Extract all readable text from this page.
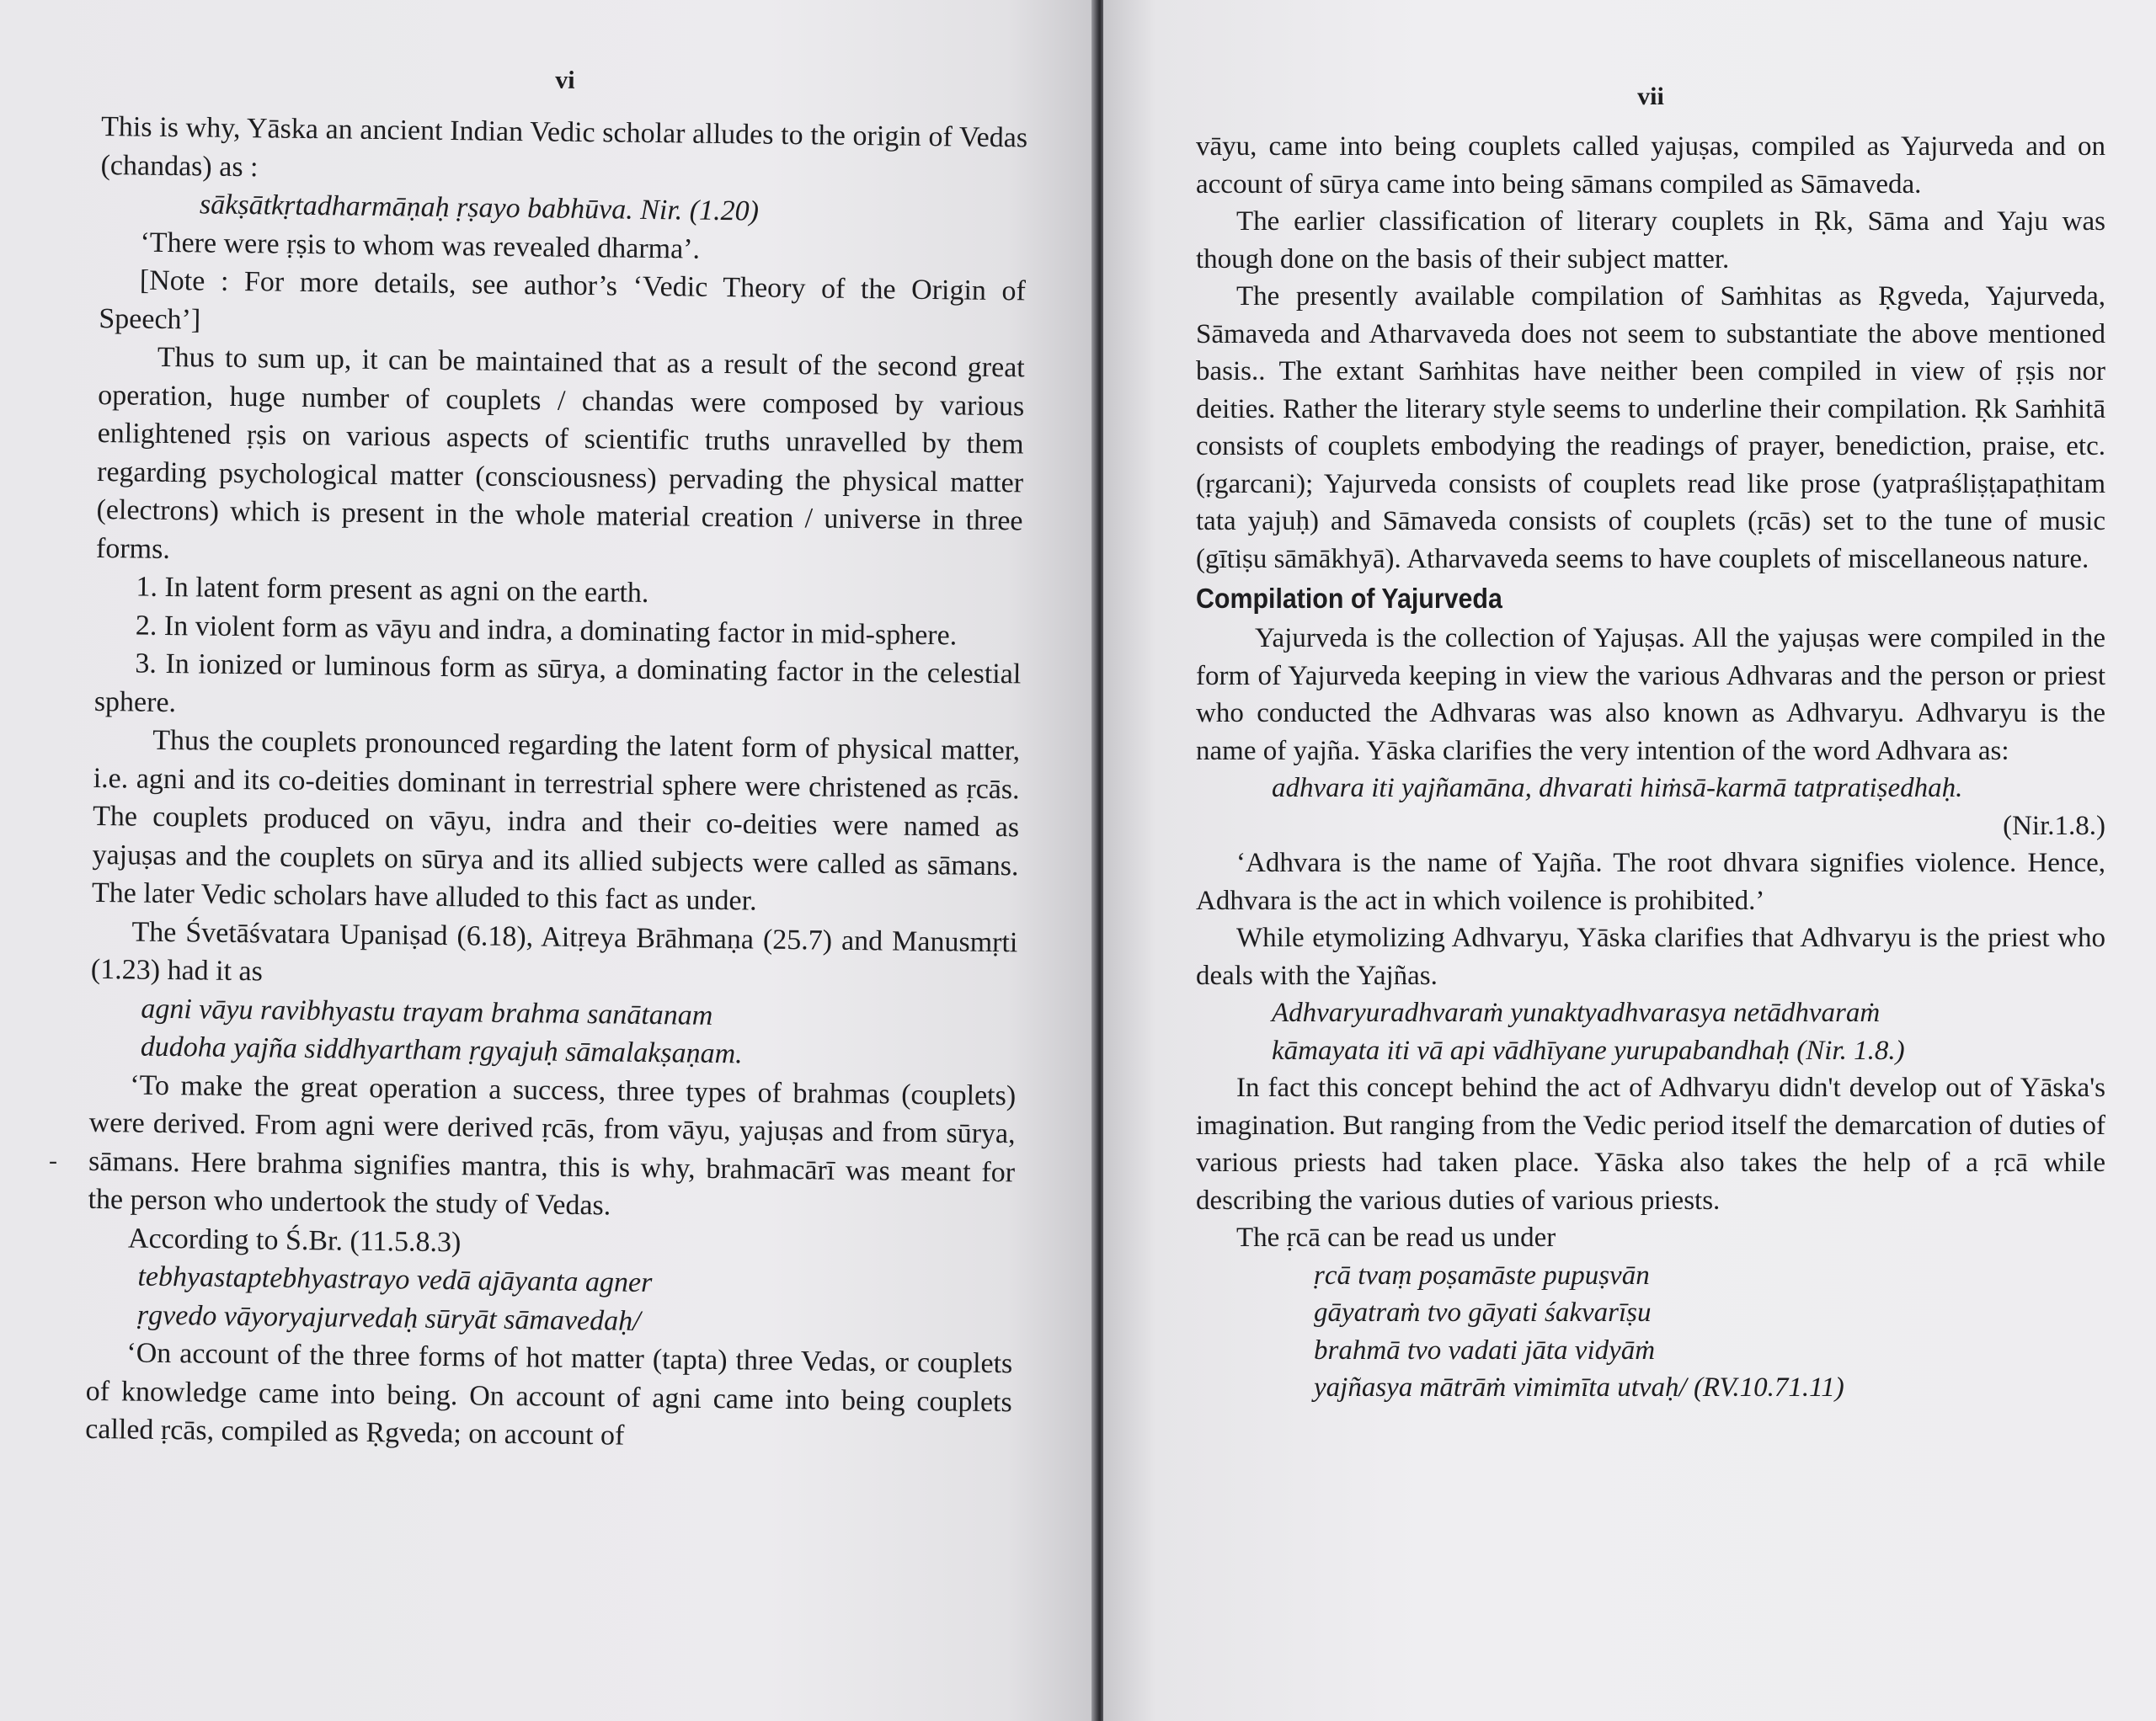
vi

This is why, Yāska an ancient Indian Vedic scholar alludes to the origin of Vedas (chandas) as :

sākṣātkṛtadharmāṇaḥ ṛṣayo babhūva. Nir. (1.20)

‘There were ṛṣis to whom was revealed dharma’.

[Note : For more details, see author’s ‘Vedic Theory of the Origin of Speech’]

Thus to sum up, it can be maintained that as a result of the second great operation, huge number of couplets / chandas were composed by various enlightened ṛṣis on various aspects of scientific truths unravelled by them regarding psychological matter (consciousness) pervading the physical matter (electrons) which is present in the whole material creation / universe in three forms.

1. In latent form present as agni on the earth.

2. In violent form as vāyu and indra, a dominating factor in mid-sphere.

3. In ionized or luminous form as sūrya, a dominating factor in the celestial sphere.

Thus the couplets pronounced regarding the latent form of physical matter, i.e. agni and its co-deities dominant in terrestrial sphere were christened as ṛcās. The couplets produced on vāyu, indra and their co-deities were named as yajuṣas and the couplets on sūrya and its allied subjects were called as sāmans. The later Vedic scholars have alluded to this fact as under.

The Śvetāśvatara Upaniṣad (6.18), Aitṛeya Brāhmaṇa (25.7) and Manusmṛti (1.23) had it as

agni vāyu ravibhyastu trayam brahma sanātanam

dudoha yajña siddhyartham ṛgyajuḥ sāmalakṣaṇam.

‘To make the great operation a success, three types of brahmas (couplets) were derived. From agni were derived ṛcās, from vāyu, yajuṣas and from sūrya, sāmans. Here brahma signifies mantra, this is why, brahmacārī was meant for the person who undertook the study of Vedas.

According to Ś.Br. (11.5.8.3)

tebhyastaptebhyastrayo vedā ajāyanta agner

ṛgvedo vāyoryajurvedaḥ sūryāt sāmavedaḥ/

‘On account of the three forms of hot matter (tapta) three Vedas, or couplets of knowledge came into being. On account of agni came into being couplets called ṛcās, compiled as Ṛgveda; on account of

-
vii

vāyu, came into being couplets called yajuṣas, compiled as Yajurveda and on account of sūrya came into being sāmans compiled as Sāmaveda.

The earlier classification of literary couplets in Ṛk, Sāma and Yaju was though done on the basis of their subject matter.

The presently available compilation of Saṁhitas as Ṛgveda, Yajurveda, Sāmaveda and Atharvaveda does not seem to substantiate the above mentioned basis.. The extant Saṁhitas have neither been compiled in view of ṛṣis nor deities. Rather the literary style seems to underline their compilation. Ṛk Saṁhitā consists of couplets embodying the readings of prayer, benediction, praise, etc. (ṛgarcani); Yajurveda consists of couplets read like prose (yatpraśliṣṭapaṭhitam tata yajuḥ) and Sāmaveda consists of couplets (ṛcās) set to the tune of music (gītiṣu sāmākhyā). Atharvaveda seems to have couplets of miscellaneous nature.

Compilation of Yajurveda

Yajurveda is the collection of Yajuṣas. All the yajuṣas were compiled in the form of Yajurveda keeping in view the various Adhvaras and the person or priest who conducted the Adhvaras was also known as Adhvaryu. Adhvaryu is the name of yajña. Yāska clarifies the very intention of the word Adhvara as:

adhvara iti yajñamāna, dhvarati hiṁsā-karmā tatpratiṣedhaḥ.

(Nir.1.8.)

‘Adhvara is the name of Yajña. The root dhvara signifies violence. Hence, Adhvara is the act in which voilence is prohibited.’

While etymolizing Adhvaryu, Yāska clarifies that Adhvaryu is the priest who deals with the Yajñas.

Adhvaryuradhvaraṁ yunaktyadhvarasya netādhvaraṁ

kāmayata iti vā api vādhīyane yurupabandhaḥ (Nir. 1.8.)

In fact this concept behind the act of Adhvaryu didn't develop out of Yāska's imagination. But ranging from the Vedic period itself the demarcation of duties of various priests had taken place. Yāska also takes the help of a ṛcā while describing the various duties of various priests.

The ṛcā can be read us under

ṛcā tvaṃ poṣamāste pupuṣvān

gāyatraṁ tvo gāyati śakvarīṣu

brahmā tvo vadati jāta vidyāṁ

yajñasya mātrāṁ vimimīta utvaḥ/ (RV.10.71.11)
